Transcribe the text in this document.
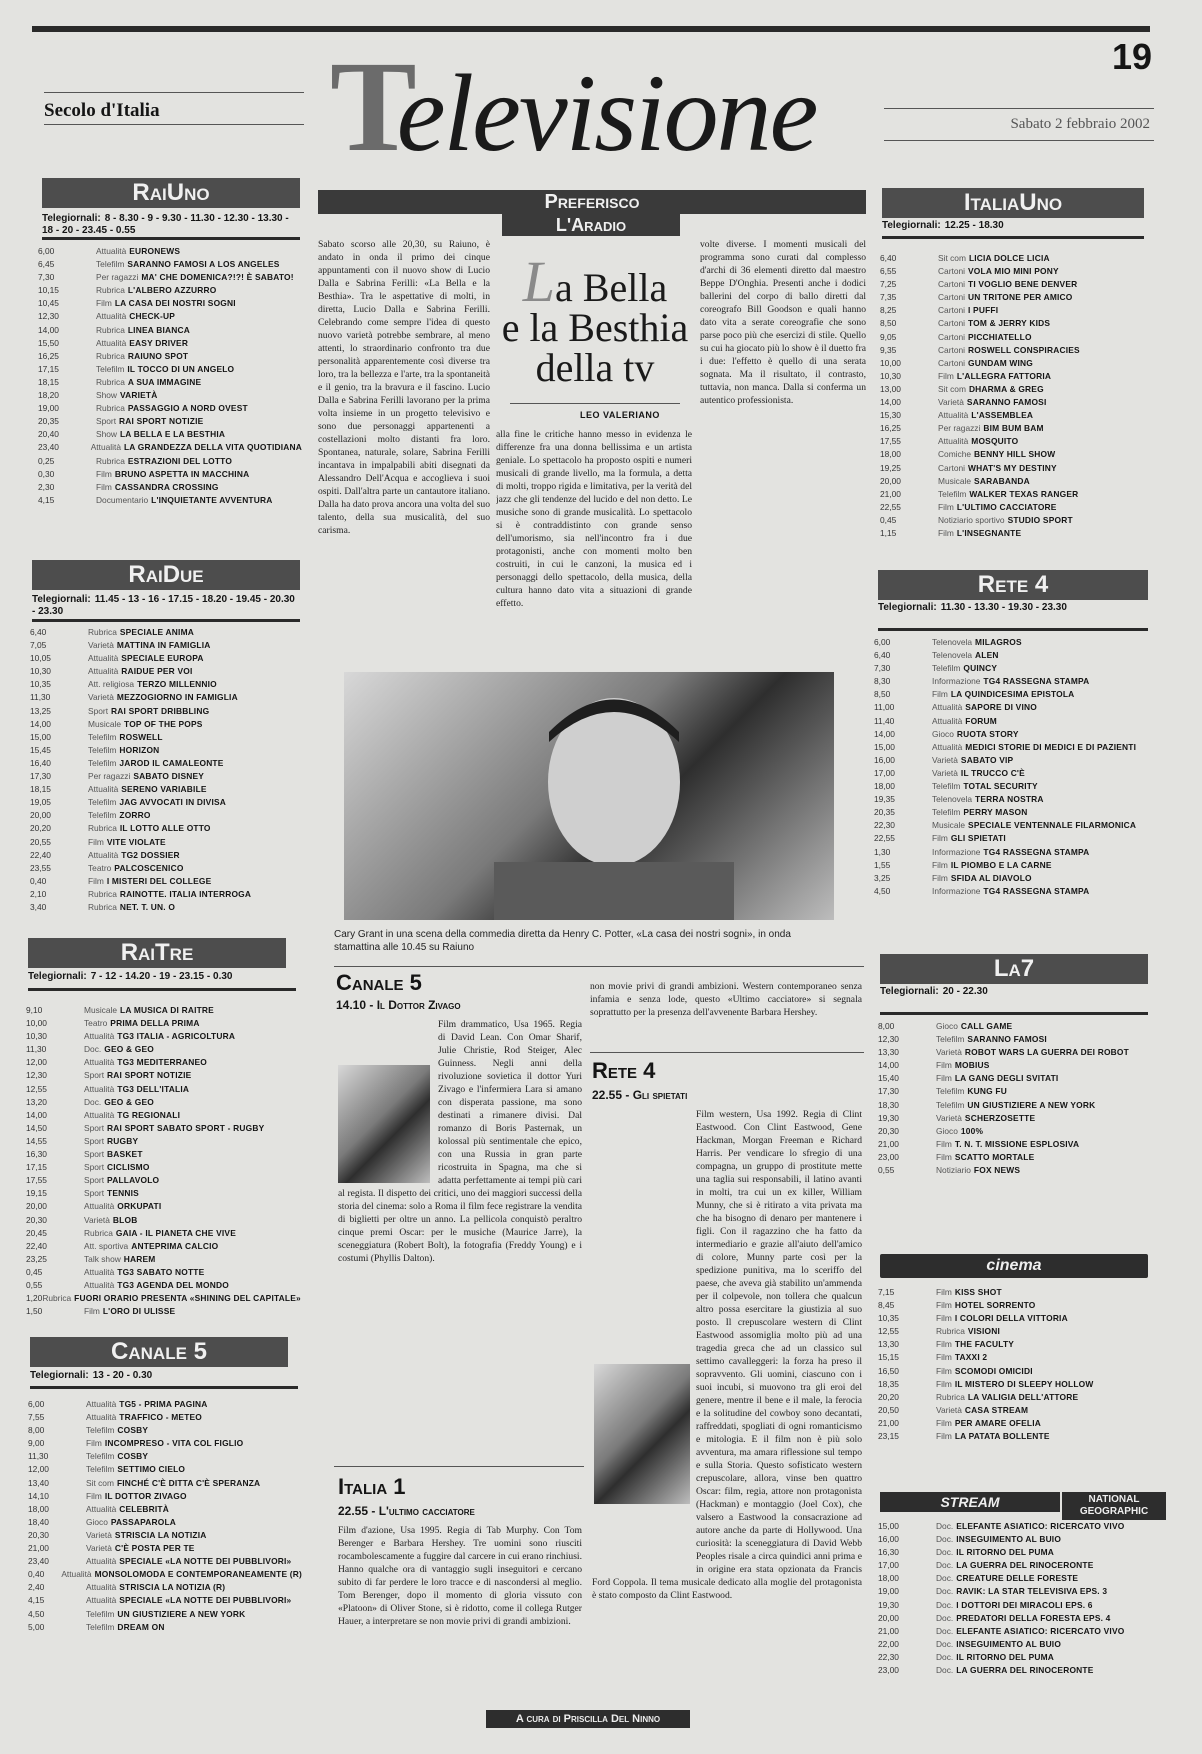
19
Secolo d'Italia Televisione	Sabato 2 febbraio 2002
RaiUno
Telegiornali: 8 - 8.30 - 9 - 9.30 - 11.30 - 12.30 - 13.30 - 18 - 20 - 23.45 - 0.55
6,00	Attualità EURONEWS
6,45	Telefilm SARANNO FAMOSI A LOS ANGELES
7,30	Per ragazzi MA' CHE DOMENICA?!?! È SABATO!
10,15	Rubrica L'ALBERO AZZURRO
10,45	Film LA CASA DEI NOSTRI SOGNI
12,30	Attualità CHECK-UP
14,00	Rubrica LINEA BIANCA
15,50	Attualità EASY DRIVER
16,25	Rubrica RAIUNO SPOT
17,15	Telefilm IL TOCCO DI UN ANGELO
18,15	Rubrica A SUA IMMAGINE
18,20	Show VARIETÀ
19,00	Rubrica PASSAGGIO A NORD OVEST
20,35	Sport RAI SPORT NOTIZIE
20,40	Show LA BELLA E LA BESTHIA
23,40	Attualità LA GRANDEZZA DELLA VITA QUOTIDIANA
0,25	Rubrica ESTRAZIONI DEL LOTTO
0,30	Film BRUNO ASPETTA IN MACCHINA
2,30	Film CASSANDRA CROSSING
4,15	Documentario L'INQUIETANTE AVVENTURA
RaiDue
Telegiornali: 11.45 - 13 - 16 - 17.15 - 18.20 - 19.45 - 20.30 - 23.30
6,40	Rubrica SPECIALE ANIMA
7,05	Varietà MATTINA IN FAMIGLIA
10,05	Attualità SPECIALE EUROPA
10,30	Attualità RAIDUE PER VOI
10,35	Att. religiosa TERZO MILLENNIO
11,30	Varietà MEZZOGIORNO IN FAMIGLIA
13,25	Sport RAI SPORT DRIBBLING
14,00	Musicale TOP OF THE POPS
15,00	Telefilm ROSWELL
15,45	Telefilm HORIZON
16,40	Telefilm JAROD IL CAMALEONTE
17,30	Per ragazzi SABATO DISNEY
18,15	Attualità SERENO VARIABILE
19,05	Telefilm JAG AVVOCATI IN DIVISA
20,00	Telefilm ZORRO
20,20	Rubrica IL LOTTO ALLE OTTO
20,55	Film VITE VIOLATE
22,40	Attualità TG2 DOSSIER
23,55	Teatro PALCOSCENICO
0,40	Film I MISTERI DEL COLLEGE
2,10	Rubrica RAINOTTE. ITALIA INTERROGA
3,40	Rubrica NET. T. UN. O
RaiTre
Telegiornali: 7 - 12 - 14.20 - 19 - 23.15 - 0.30
9,10	Musicale LA MUSICA DI RAITRE
10,00	Teatro PRIMA DELLA PRIMA
10,30	Attualità TG3 ITALIA - AGRICOLTURA
11,30	Doc. GEO & GEO
12,00	Attualità TG3 MEDITERRANEO
12,30	Sport RAI SPORT NOTIZIE
12,55	Attualità TG3 DELL'ITALIA
13,20	Doc. GEO & GEO
14,00	Attualità TG REGIONALI
14,50	Sport RAI SPORT SABATO SPORT - RUGBY
14,55	Sport RUGBY
16,30	Sport BASKET
17,15	Sport CICLISMO
17,55	Sport PALLAVOLO
19,15	Sport TENNIS
20,00	Attualità ORKUPATI
20,30	Varietà BLOB
20,45	Rubrica GAIA - IL PIANETA CHE VIVE
22,40	Att. sportiva ANTEPRIMA CALCIO
23,25	Talk show HAREM
0,45	Attualità TG3 SABATO NOTTE
0,55	Attualità TG3 AGENDA DEL MONDO
1,20 Rubrica FUORI ORARIO PRESENTA «SHINING DEL CAPITALE»
1,50	Film L'ORO DI ULISSE
Canale 5
Telegiornali: 13 - 20 - 0.30
6,00	Attualità TG5 - PRIMA PAGINA
7,55	Attualità TRAFFICO - METEO
8,00	Telefilm COSBY
9,00	Film INCOMPRESO - VITA COL FIGLIO
11,30	Telefilm COSBY
12,00	Telefilm SETTIMO CIELO
13,40	Sit com FINCHÉ C'È DITTA C'È SPERANZA
14,10	Film IL DOTTOR ZIVAGO
18,00	Attualità CELEBRITÀ
18,40	Gioco PASSAPAROLA
20,30	Varietà STRISCIA LA NOTIZIA
21,00	Varietà C'È POSTA PER TE
23,40	Attualità SPECIALE «LA NOTTE DEI PUBBLIVORI»
0,40	Attualità MONSOLOMODA E CONTEMPORANEAMENTE (R)
2,40	Attualità STRISCIA LA NOTIZIA (R)
4,15	Attualità SPECIALE «LA NOTTE DEI PUBBLIVORI»
4,50	Telefilm UN GIUSTIZIERE A NEW YORK
5,00	Telefilm DREAM ON
Preferisco
L'Aradio
Sabato scorso alle 20,30, su Raiuno, è andato in onda il primo dei cinque appuntamenti con il nuovo show di Lucio Dalla e Sabrina Ferilli: «La Bella e la Besthia». Tra le aspettative di molti, in diretta, Lucio Dalla e Sabrina Ferilli. Celebrando come sempre l'idea di questo nuovo varietà potrebbe sembrare, al meno attenti, lo straordinario confronto tra due personalità apparentemente così diverse tra loro, tra la bellezza e l'arte, tra la spontaneità e il genio, tra la bravura e il fascino. Lucio Dalla e Sabrina Ferilli lavorano per la prima volta insieme in un progetto televisivo e sono due personaggi appartenenti a costellazioni molto distanti fra loro. Spontanea, naturale, solare, Sabrina Ferilli incantava in impalpabili abiti disegnati da Alessandro Dell'Acqua e accoglieva i suoi ospiti. Dall'altra parte un cantautore italiano. Dalla ha dato prova ancora una volta del suo talento, della sua musicalità, del suo carisma.
La Bella
e la Besthia
della tv
LEO VALERIANO
alla fine le critiche hanno messo in evidenza le differenze fra una donna bellissima e un artista geniale. Lo spettacolo ha proposto ospiti e numeri musicali di grande livello, ma la formula, a detta di molti, troppo rigida e limitativa, per la verità del jazz che gli tendenze del lucido e del non detto. Le musiche sono di grande musicalità. Lo spettacolo si è contraddistinto con grande senso dell'umorismo, sia nell'incontro fra i due protagonisti, anche con momenti molto ben costruiti, in cui le canzoni, la musica ed i personaggi dello spettacolo, della musica, della cultura hanno dato vita a situazioni di grande effetto.
volte diverse. I momenti musicali del programma sono curati dal complesso d'archi di 36 elementi diretto dal maestro Beppe D'Onghia. Presenti anche i dodici ballerini del corpo di ballo diretti dal coreografo Bill Goodson e quali hanno dato vita a serate coreografie che sono parse poco più che esercizi di stile. Quello su cui ha giocato più lo show è il duetto fra i due: l'effetto è quello di una serata sognata. Ma il risultato, il contrasto, tuttavia, non manca. Dalla si conferma un autentico professionista.
Cary Grant in una scena della commedia diretta da Henry C. Potter, «La casa dei nostri sogni», in onda stamattina alle 10.45 su Raiuno
Canale 5
14.10 - Il Dottor Zivago
Film drammatico, Usa 1965. Regia di David Lean. Con Omar Sharif, Julie Christie, Rod Steiger, Alec Guinness. Negli anni della rivoluzione sovietica il dottor Yuri Zivago e l'infermiera Lara si amano con disperata passione, ma sono destinati a rimanere divisi. Dal romanzo di Boris Pasternak, un kolossal più sentimentale che epico, con una Russia in gran parte ricostruita in Spagna, ma che si adatta perfettamente ai tempi più cari al regista. Il dispetto dei critici, uno dei maggiori successi della storia del cinema: solo a Roma il film fece registrare la vendita di biglietti per oltre un anno. La pellicola conquistò peraltro cinque premi Oscar: per le musiche (Maurice Jarre), la sceneggiatura (Robert Bolt), la fotografia (Freddy Young) e i costumi (Phyllis Dalton).
Italia 1
22.55 - L'ultimo cacciatore
Film d'azione, Usa 1995. Regia di Tab Murphy. Con Tom Berenger e Barbara Hershey. Tre uomini sono riusciti rocambolescamente a fuggire dal carcere in cui erano rinchiusi. Hanno qualche ora di vantaggio sugli inseguitori e cercano subito di far perdere le loro tracce e di nascondersi al meglio. Tom Berenger, dopo il momento di gloria vissuto con «Platoon» di Oliver Stone, si è ridotto, come il collega Rutger Hauer, a interpretare se non movie privi di grandi ambizioni.
non movie privi di grandi ambizioni. Western contemporaneo senza infamia e senza lode, questo «Ultimo cacciatore» si segnala soprattutto per la presenza dell'avvenente Barbara Hershey.
Rete 4
22.55 - Gli spietati
Film western, Usa 1992. Regia di Clint Eastwood. Con Clint Eastwood, Gene Hackman, Morgan Freeman e Richard Harris. Per vendicare lo sfregio di una compagna, un gruppo di prostitute mette una taglia sui responsabili, il latino avanti in molti, tra cui un ex killer, William Munny, che si è ritirato a vita privata ma che ha bisogno di denaro per mantenere i figli. Con il ragazzino che ha fatto da intermediario e grazie all'aiuto dell'amico di colore, Munny parte così per la spedizione punitiva, ma lo sceriffo del paese, che aveva già stabilito un'ammenda per il colpevole, non tollera che qualcun altro possa esercitare la giustizia al suo posto. Il crepuscolare western di Clint Eastwood assomiglia molto più ad una tragedia greca che ad un classico sul settimo cavalleggeri: la forza ha preso il sopravvento. Gli uomini, ciascuno con i suoi incubi, si muovono tra gli eroi del genere, mentre il bene e il male, la ferocia e la solitudine del cowboy sono decantati, raffreddati, spogliati di ogni romanticismo e mitologia. E il film non è più solo avventura, ma amara riflessione sul tempo e sulla Storia. Questo sofisticato western crepuscolare, allora, vinse ben quattro Oscar: film, regia, attore non protagonista (Hackman) e montaggio (Joel Cox), che valsero a Eastwood la consacrazione ad autore anche da parte di Hollywood. Una curiosità: la sceneggiatura di David Webb Peoples risale a circa quindici anni prima e in origine era stata opzionata da Francis Ford Coppola. Il tema musicale dedicato alla moglie del protagonista è stato composto da Clint Eastwood.
A cura di Priscilla Del Ninno
ItaliaUno
Telegiornali: 12.25 - 18.30
6,40	Sit com LICIA DOLCE LICIA
6,55	Cartoni VOLA MIO MINI PONY
7,25	Cartoni TI VOGLIO BENE DENVER
7,35	Cartoni UN TRITONE PER AMICO
8,25	Cartoni I PUFFI
8,50	Cartoni TOM & JERRY KIDS
9,05	Cartoni PICCHIATELLO
9,35	Cartoni ROSWELL CONSPIRACIES
10,00	Cartoni GUNDAM WING
10,30	Film L'ALLEGRA FATTORIA
13,00	Sit com DHARMA & GREG
14,00	Varietà SARANNO FAMOSI
15,30	Attualità L'ASSEMBLEA
16,25	Per ragazzi BIM BUM BAM
17,55	Attualità MOSQUITO
18,00	Comiche BENNY HILL SHOW
19,25	Cartoni WHAT'S MY DESTINY
20,00	Musicale SARABANDA
21,00	Telefilm WALKER TEXAS RANGER
22,55	Film L'ULTIMO CACCIATORE
0,45	Notiziario sportivo STUDIO SPORT
1,15	Film L'INSEGNANTE
Rete 4
Telegiornali: 11.30 - 13.30 - 19.30 - 23.30
6,00	Telenovela MILAGROS
6,40	Telenovela ALEN
7,30	Telefilm QUINCY
8,30	Informazione TG4 RASSEGNA STAMPA
8,50	Film LA QUINDICESIMA EPISTOLA
11,00	Attualità SAPORE DI VINO
11,40	Attualità FORUM
14,00	Gioco RUOTA STORY
15,00	Attualità MEDICI STORIE DI MEDICI E DI PAZIENTI
16,00	Varietà SABATO VIP
17,00	Varietà IL TRUCCO C'È
18,00	Telefilm TOTAL SECURITY
19,35	Telenovela TERRA NOSTRA
20,35	Telefilm PERRY MASON
22,30	Musicale SPECIALE VENTENNALE FILARMONICA
22,55	Film GLI SPIETATI
1,30	Informazione TG4 RASSEGNA STAMPA
1,55	Film IL PIOMBO E LA CARNE
3,25	Film SFIDA AL DIAVOLO
4,50	Informazione TG4 RASSEGNA STAMPA
La7
Telegiornali: 20 - 22.30
8,00	Gioco CALL GAME
12,30	Telefilm SARANNO FAMOSI
13,30	Varietà ROBOT WARS LA GUERRA DEI ROBOT
14,00	Film MOBIUS
15,40	Film LA GANG DEGLI SVITATI
17,30	Telefilm KUNG FU
18,30	Telefilm UN GIUSTIZIERE A NEW YORK
19,30	Varietà SCHERZOSETTE
20,30	Gioco 100%
21,00	Film T. N. T. MISSIONE ESPLOSIVA
23,00	Film SCATTO MORTALE
0,55	Notiziario FOX NEWS
cinema
7,15	Film KISS SHOT
8,45	Film HOTEL SORRENTO
10,35	Film I COLORI DELLA VITTORIA
12,55	Rubrica VISIONI
13,30	Film THE FACULTY
15,15	Film TAXXI 2
16,50	Film SCOMODI OMICIDI
18,35	Film IL MISTERO DI SLEEPY HOLLOW
20,20	Rubrica LA VALIGIA DELL'ATTORE
20,50	Varietà CASA STREAM
21,00	Film PER AMARE OFELIA
23,15	Film LA PATATA BOLLENTE
STREAM	NATIONAL GEOGRAPHIC
15,00	Doc. ELEFANTE ASIATICO: RICERCATO VIVO
16,00	Doc. INSEGUIMENTO AL BUIO
16,30	Doc. IL RITORNO DEL PUMA
17,00	Doc. LA GUERRA DEL RINOCERONTE
18,00	Doc. CREATURE DELLE FORESTE
19,00	Doc. RAVIK: LA STAR TELEVISIVA EPS. 3
19,30	Doc. I DOTTORI DEI MIRACOLI EPS. 6
20,00	Doc. PREDATORI DELLA FORESTA EPS. 4
21,00	Doc. ELEFANTE ASIATICO: RICERCATO VIVO
22,00	Doc. INSEGUIMENTO AL BUIO
22,30	Doc. IL RITORNO DEL PUMA
23,00	Doc. LA GUERRA DEL RINOCERONTE
